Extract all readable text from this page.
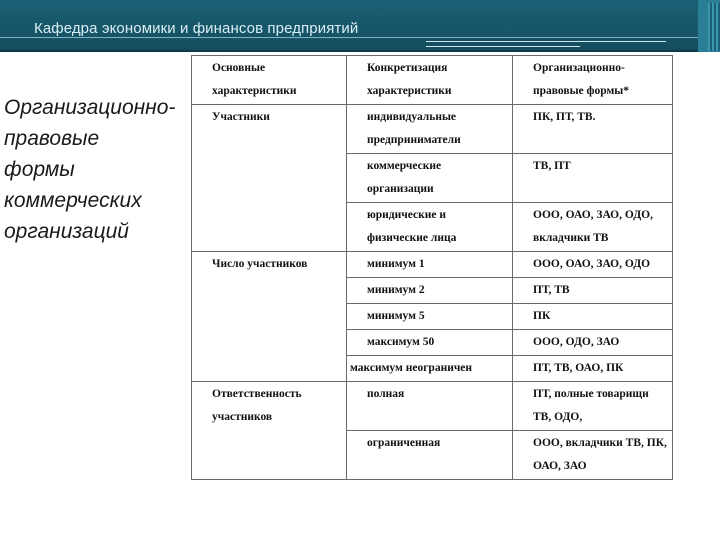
Кафедра экономики и финансов предприятий
Организационно-
правовые
формы
коммерческих
организаций
Основные характеристики	Конкретизация характеристики	Организационно-правовые формы*
Участники	индивидуальные предприниматели	ПК, ПТ, ТВ.
	коммерческие организации	ТВ, ПТ
	юридические и физические лица	ООО, ОАО, ЗАО, ОДО, вкладчики ТВ
Число участников	минимум 1	ООО, ОАО, ЗАО, ОДО
	минимум 2	ПТ, ТВ
	минимум 5	ПК
	максимум 50	ООО, ОДО, ЗАО
	максимум неограничен	ПТ, ТВ, ОАО, ПК
Ответственность участников	полная	ПТ, полные товарищи ТВ, ОДО,
	ограниченная	ООО, вкладчики ТВ, ПК, ОАО, ЗАО
